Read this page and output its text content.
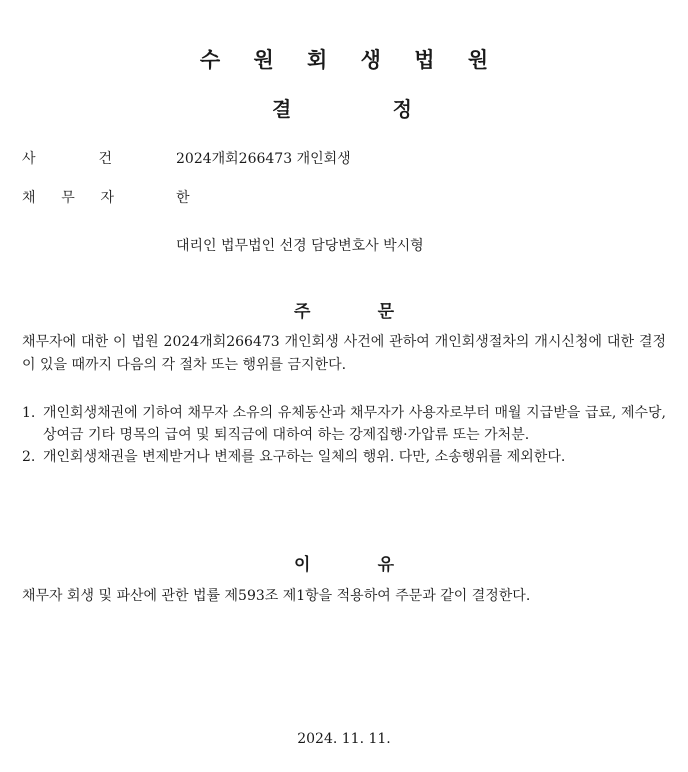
수 원 회 생 법 원
결	정
사	건	2024개회266473 개인회생
채 무 자	한
대리인 법무법인 선경 담당변호사 박시형
주	문
채무자에 대한 이 법원 2024개회266473 개인회생 사건에 관하여 개인회생절차의 개시신청에 대한 결정이 있을 때까지 다음의 각 절차 또는 행위를 금지한다.
1. 개인회생채권에 기하여 채무자 소유의 유체동산과 채무자가 사용자로부터 매월 지급받을 급료, 제수당, 상여금 기타 명목의 급여 및 퇴직금에 대하여 하는 강제집행·가압류 또는 가처분.
2. 개인회생채권을 변제받거나 변제를 요구하는 일체의 행위. 다만, 소송행위를 제외한다.
이	유
채무자 회생 및 파산에 관한 법률 제593조 제1항을 적용하여 주문과 같이 결정한다.
2024. 11. 11.
